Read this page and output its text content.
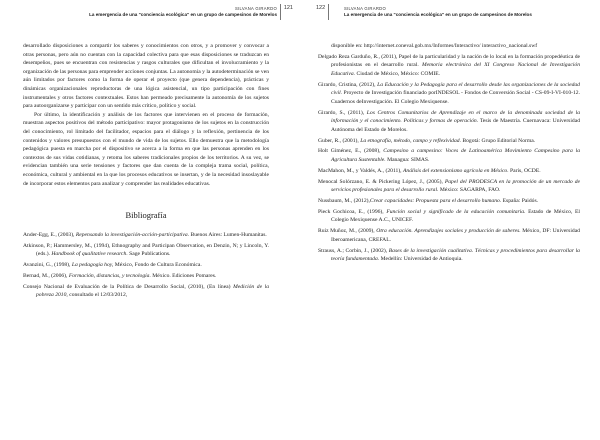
SILVANA GIRARDO
La emergencia de una "conciencia ecológica" en un grupo de campesinos de Morelos
121

desarrollado disposiciones a compartir los saberes y conocimientos con otros, y a promover y convocar a otras personas, pero aún no cuentan con la capacidad colectiva para que esas disposiciones se traduzcan en desempeños, pues se encuentran con resistencias y rasgos culturales que dificultan el involucramiento y la organización de las personas para emprender acciones conjuntas. La autonomía y la autodeterminación se ven aún limitados por factores como la forma de operar el proyecto (que genera dependencia), prácticas y dinámicas organizacionales reproductoras de una lógica asistencial, un tipo participación con fines instrumentales y otros factores contextuales. Estos han permeado precisamente la autonomía de los sujetos para autoorganizarse y participar con un sentido más crítico, político y social.

Por último, la identificación y análisis de los factores que intervienen en el proceso de formación, muestran aspectos positivos del método participativo: mayor protagonismo de los sujetos en la construcción del conocimiento, rol limitado del facilitador, espacios para el diálogo y la reflexión, pertinencia de los contenidos y valores presupuestos con el mundo de vida de los sujetos. Ello demuestra que la metodología pedagógica puesta en marcha por el dispositivo se acerca a la forma en que las personas aprenden en los contextos de sus vidas cotidianas, y retoma los saberes tradicionales propios de los territorios. A su vez, se evidencian también una serie tensiones y factores que dan cuenta de la compleja trama social, política, económica, cultural y ambiental en la que los procesos educativos se insertan, y de la necesidad insoslayable de incorporar estos elementos para analizar y comprender las realidades educativas.

Bibliografía

Ander-Egg, E., (2003), Repensando la investigación-acción-participativa. Buenos Aires: Lumen-Humanitas.

Atkinson, P.; Hammersley, M., (1994), Ethnography and Participan Observation, en Denzin, N; y Lincoln, Y. (eds.). Handbook of qualitative research. Sage Publications.

Avanzini, G., (1998), La pedagogía hoy, México, Fondo de Cultura Económica.

Bernad, M., (2006), Formación, distancias, y tecnología. México. Ediciones Pomares.

Consejo Nacional de Evaluación de la Política de Desarrollo Social, (2010), (En línea) Medición de la pobreza 2010, consultado el 12/03/2012,

122	SILVANA GIRARDO
La emergencia de una "conciencia ecológica" en un grupo de campesinos de Morelos

disponible en: http://internet.coneval.gob.mx/Informes/Interactivo/ interactivo_nacional.swf

Delgado Reza Garduño, R., (2011), Papel de la particularidad y la nación de lo local en la formación propedéutica de profesionistas en el desarrollo rural. Memoria electrónica del XI Congreso Nacional de Investigación Educativa. Ciudad de México, México: COMIE.

Girardo, Cristina, (2012), La Educación y la Pedagogía para el desarrollo desde las organizaciones de la sociedad civil. Proyecto de Investigación financiado porINDESOL - Fondos de Conversión Social - CS-09-I-VI-010-12. Cuadernos deInvestigación. El Colegio Mexiquense.

Girardo, S., (2011), Los Centros Comunitarios de Aprendizaje en el marco de la denominada sociedad de la información y el conocimiento. Políticas y formas de operación. Tesis de Maestría. Cuernavaca: Universidad Autónoma del Estado de Morelos.

Guber, R., (2001), La etnografía, método, campo y reflexividad. Bogotá: Grupo Editorial Norma.

Holt Giménez, E., (2008), Campesino a campesino: Voces de Latinoamérica Movimiento Campesino para la Agricultura Sustentable. Managua: SIMAS.

MacMahon, M., y Valdés, A., (2011), Análisis del extensionismo agrícola en México. París, OCDE.

Menocal Solórzano, E. & Pickering López, J., (2005), Papel del PRODESCA en la promoción de un mercado de servicios profesionales para el desarrollo rural. México: SAGARPA, FAO.

Nussbaum, M., (2012),Crear capacidades: Propuesta para el desarrollo humano. España: Paidós.

Pieck Gochicoa, E., (1996), Función social y significado de la educación comunitaria. Estado de México, El Colegio Mexiquense A.C., UNICEF.

Ruiz Muñoz, M., (2009), Otra educación. Aprendizajes sociales y producción de saberes. México, DF: Universidad Iberoamericana, CREFAL.

Strauss, A.; Corbin, J., (2002), Bases de la investigación cualitativa. Técnicas y procedimientos para desarrollar la teoría fundamentada. Medellín: Universidad de Antioquia.
